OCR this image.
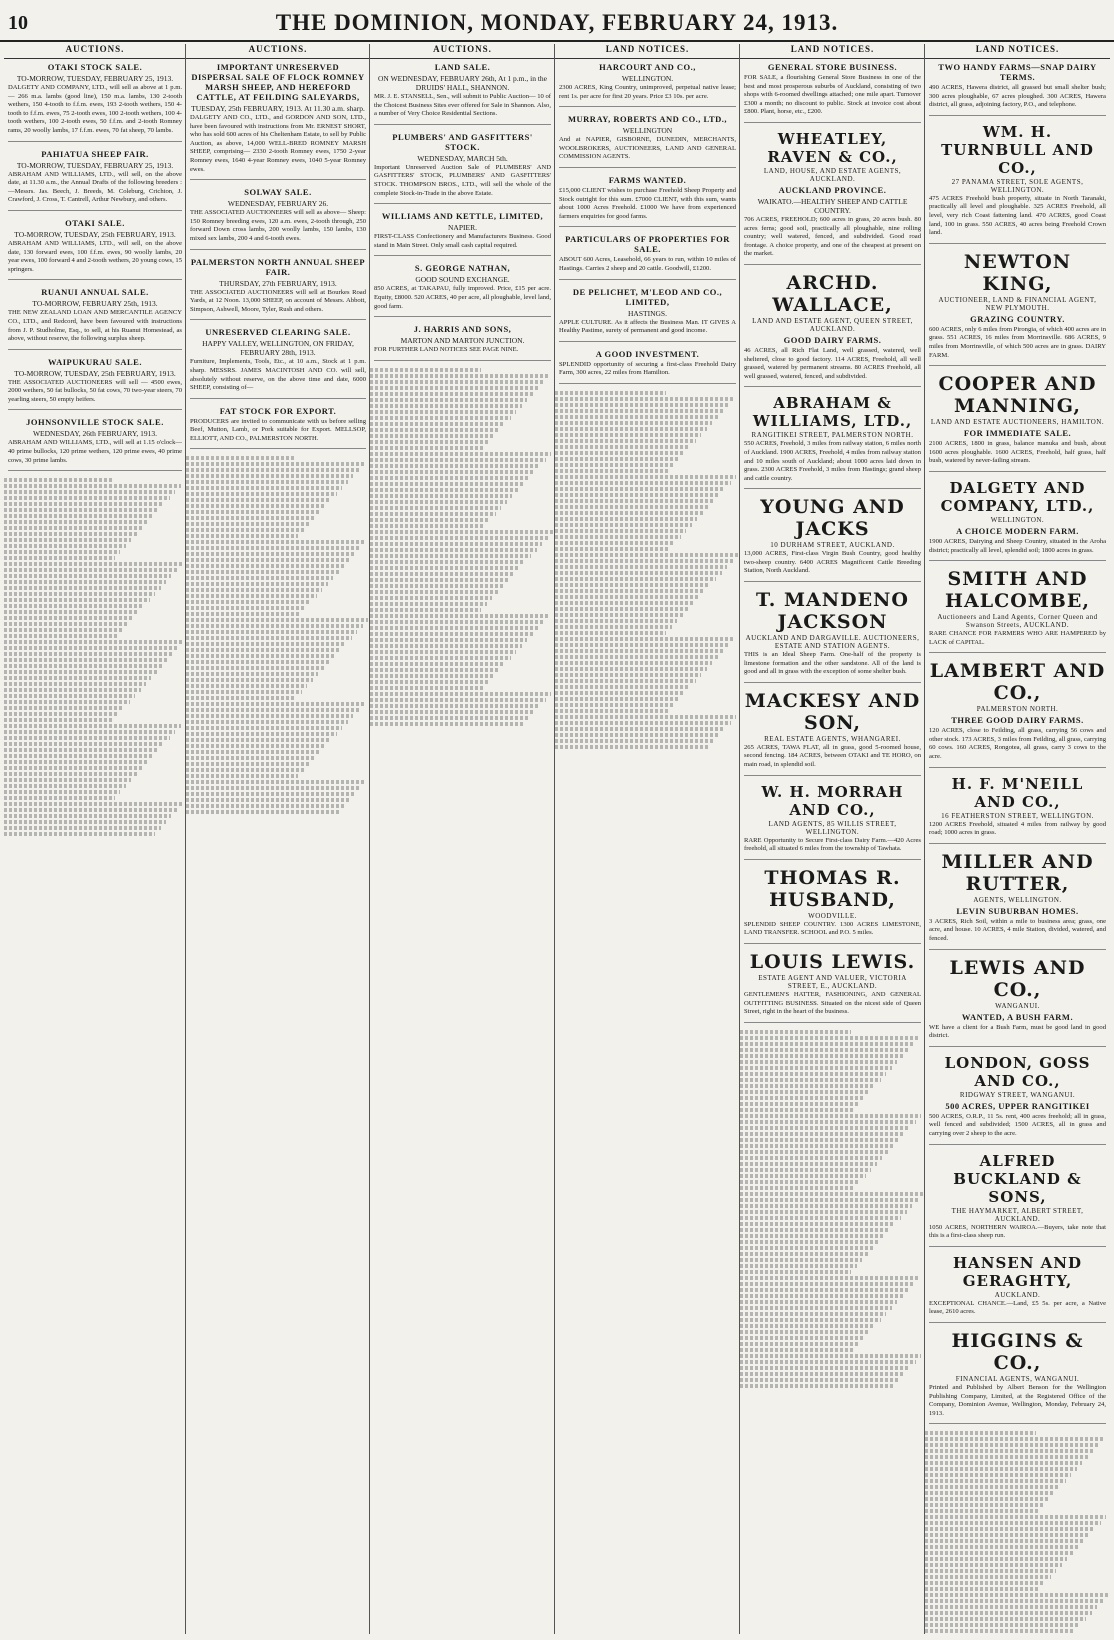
10	THE DOMINION, MONDAY, FEBRUARY 24, 1913.
AUCTIONS.
OTAKI STOCK SALE.
TO-MORROW, TUESDAY, FEBRUARY 25, 1913.
DALGETY AND COMPANY, LTD., will sell as above at 1 p.m.— 266 m.a. lambs (good line), 150 m.a. lambs, 130 2-tooth wethers, 150 4-tooth to f.f.m. ewes, 193 2-tooth wethers, 150 4-tooth to f.f.m. ewes, 75 2-tooth ewes, 100 2-tooth wethers, 100 4-tooth wethers, 100 2-tooth ewes, 50 f.f.m. and 2-tooth Romney rams, 20 woolly lambs, 17 f.f.m. ewes, 70 fat sheep, 70 lambs.
PAHIATUA SHEEP FAIR.
TO-MORROW, TUESDAY, FEBRUARY 25, 1913.
ABRAHAM AND WILLIAMS, LTD., will sell, on the above date, at 11.30 a.m., the Annual Drafts of the following breeders :—Messrs. Jas. Beech, J. Breeds, M. Coleburg, Crichton, J. Crawford, J. Cross, T. Cantrell, Arthur Newbury, and others.
OTAKI SALE.
TO-MORROW, TUESDAY, 25th FEBRUARY, 1913.
ABRAHAM AND WILLIAMS, LTD., will sell, on the above date, 130 forward ewes, 100 f.f.m. ewes, 90 woolly lambs, 20 year ewes, 100 forward 4 and 2-tooth wethers, 20 young cows, 15 springers.
RUANUI ANNUAL SALE.
TO-MORROW, FEBRUARY 25th, 1913.
THE NEW ZEALAND LOAN AND MERCANTILE AGENCY CO., LTD., and Redcord, have been favoured with instructions from J. P. Studholme, Esq., to sell, at his Ruanui Homestead, as above, without reserve, the following surplus sheep.
WAIPUKURAU SALE.
TO-MORROW, TUESDAY, 25th FEBRUARY, 1913.
THE ASSOCIATED AUCTIONEERS will sell — 4500 ewes, 2000 wethers, 50 fat bullocks, 50 fat cows, 70 two-year steers, 70 yearling steers, 50 empty heifers.
JOHNSONVILLE STOCK SALE.
WEDNESDAY, 26th FEBRUARY, 1913.
ABRAHAM AND WILLIAMS, LTD., will sell at 1.15 o'clock— 40 prime bullocks, 120 prime wethers, 120 prime ewes, 40 prime cows, 30 prime lambs.
AUCTIONS.
IMPORTANT UNRESERVED DISPERSAL SALE OF FLOCK ROMNEY MARSH SHEEP, AND HEREFORD CATTLE, AT FEILDING SALEYARDS,
TUESDAY, 25th FEBRUARY, 1913. At 11.30 a.m. sharp.
DALGETY AND CO., LTD., and GORDON AND SON, LTD., have been favoured with instructions from Mr. ERNEST SHORT, who has sold 600 acres of his Cheltenham Estate, to sell by Public Auction, as above, 14,000 WELL-BRED ROMNEY MARSH SHEEP, comprising— 2330 2-tooth Romney ewes, 1750 2-year Romney ewes, 1640 4-year Romney ewes, 1040 5-year Romney ewes.
SOLWAY SALE.
WEDNESDAY, FEBRUARY 26.
THE ASSOCIATED AUCTIONEERS will sell as above— Sheep: 150 Romney breeding ewes, 120 a.m. ewes, 2-tooth through, 250 forward Down cross lambs, 200 woolly lambs, 150 lambs, 130 mixed sex lambs, 200 4 and 6-tooth ewes.
PALMERSTON NORTH ANNUAL SHEEP FAIR.
THURSDAY, 27th FEBRUARY, 1913.
THE ASSOCIATED AUCTIONEERS will sell at Bourkes Road Yards, at 12 Noon. 13,000 SHEEP, on account of Messrs. Abbott, Simpson, Ashwell, Moore, Tyler, Rush and others.
UNRESERVED CLEARING SALE.
HAPPY VALLEY, WELLINGTON, ON FRIDAY, FEBRUARY 28th, 1913.
Furniture, Implements, Tools, Etc., at 10 a.m., Stock at 1 p.m. sharp. MESSRS. JAMES MACINTOSH AND CO. will sell, absolutely without reserve, on the above time and date, 6000 SHEEP, consisting of—
FAT STOCK FOR EXPORT.
PRODUCERS are invited to communicate with us before selling Beef, Mutton, Lamb, or Pork suitable for Export. MELLSOP, ELLIOTT, AND CO., PALMERSTON NORTH.
AUCTIONS.
LAND SALE.
ON WEDNESDAY, FEBRUARY 26th, At 1 p.m., in the DRUIDS' HALL, SHANNON.
MR. J. E. STANSELL, Sen., will submit to Public Auction— 10 of the Choicest Business Sites ever offered for Sale in Shannon. Also, a number of Very Choice Residential Sections.
PLUMBERS' AND GASFITTERS' STOCK.
WEDNESDAY, MARCH 5th.
Important Unreserved Auction Sale of PLUMBERS' AND GASFITTERS' STOCK, PLUMBERS' AND GASFITTERS' STOCK. THOMPSON BROS., LTD., will sell the whole of the complete Stock-in-Trade in the above Estate.
WILLIAMS AND KETTLE, LIMITED,
NAPIER.
FIRST-CLASS Confectionery and Manufacturers Business. Good stand in Main Street. Only small cash capital required.
S. GEORGE NATHAN,
GOOD SOUND EXCHANGE.
850 ACRES, at TAKAPAU, fully improved. Price, £15 per acre. Equity, £8000. 520 ACRES, 40 per acre, all ploughable, level land, good farm.
J. HARRIS AND SONS,
MARTON AND MARTON JUNCTION.
FOR FURTHER LAND NOTICES SEE PAGE NINE.
LAND NOTICES.
HARCOURT AND CO.,
WELLINGTON.
2300 ACRES, King Country, unimproved, perpetual native lease; rent 1s. per acre for first 20 years. Price £3 10s. per acre.
MURRAY, ROBERTS AND CO., LTD.,
WELLINGTON
And at NAPIER, GISBORNE, DUNEDIN, MERCHANTS, WOOLBROKERS, AUCTIONEERS, LAND AND GENERAL COMMISSION AGENTS.
FARMS WANTED.
£15,000 CLIENT wishes to purchase Freehold Sheep Property and Stock outright for this sum. £7000 CLIENT, with this sum, wants about 1000 Acres Freehold. £1000 We have from experienced farmers enquiries for good farms.
PARTICULARS OF PROPERTIES FOR SALE.
ABOUT 600 Acres, Leasehold, 66 years to run, within 10 miles of Hastings. Carries 2 sheep and 20 cattle. Goodwill, £1200.
DE PELICHET, M'LEOD AND CO., LIMITED,
HASTINGS.
APPLE CULTURE. As it affects the Business Man. IT GIVES A Healthy Pastime, surety of permanent and good income.
A GOOD INVESTMENT.
SPLENDID opportunity of securing a first-class Freehold Dairy Farm, 300 acres, 22 miles from Hamilton.
LAND NOTICES.
GENERAL STORE BUSINESS.
FOR SALE, a flourishing General Store Business in one of the best and most prosperous suburbs of Auckland, consisting of two shops with 6-roomed dwellings attached; one mile apart. Turnover £300 a month; no discount to public. Stock at invoice cost about £800. Plant, horse, etc., £200.
WHEATLEY, RAVEN & CO.,
LAND, HOUSE, AND ESTATE AGENTS, AUCKLAND.
AUCKLAND PROVINCE.
WAIKATO.—HEALTHY SHEEP AND CATTLE COUNTRY.
706 ACRES, FREEHOLD; 600 acres in grass, 20 acres bush. 80 acres ferns; good soil, practically all ploughable, nine rolling country; well watered, fenced, and subdivided. Good road frontage. A choice property, and one of the cheapest at present on the market.
ARCHD. WALLACE,
LAND AND ESTATE AGENT, QUEEN STREET, AUCKLAND.
GOOD DAIRY FARMS.
46 ACRES, all Rich Flat Land, well grassed, watered, well sheltered, close to good factory. 114 ACRES, Freehold, all well grassed, watered by permanent streams. 80 ACRES Freehold, all well grassed, watered, fenced, and subdivided.
ABRAHAM & WILLIAMS, LTD.,
RANGITIKEI STREET, PALMERSTON NORTH.
550 ACRES, Freehold, 3 miles from railway station, 6 miles north of Auckland. 1900 ACRES, Freehold, 4 miles from railway station and 10 miles south of Auckland; about 1000 acres laid down in grass. 2300 ACRES Freehold, 3 miles from Hastings; grand sheep and cattle country.
YOUNG AND JACKS
10 DURHAM STREET, AUCKLAND.
13,000 ACRES, First-class Virgin Bush Country, good healthy two-sheep country. 6400 ACRES Magnificent Cattle Breeding Station, North Auckland.
T. MANDENO JACKSON
AUCKLAND AND DARGAVILLE. AUCTIONEERS, ESTATE AND STATION AGENTS.
THIS is an Ideal Sheep Farm. One-half of the property is limestone formation and the other sandstone. All of the land is good and all in grass with the exception of some shelter bush.
MACKESY AND SON,
REAL ESTATE AGENTS, WHANGAREI.
265 ACRES, TAWA FLAT, all in grass, good 5-roomed house, second fencing. 184 ACRES, between OTAKI and TE HORO, on main road, in splendid soil.
W. H. MORRAH AND CO.,
LAND AGENTS, 85 WILLIS STREET, WELLINGTON.
RARE Opportunity to Secure First-class Dairy Farm.—420 Acres freehold, all situated 6 miles from the township of Tawhata.
THOMAS R. HUSBAND,
WOODVILLE.
SPLENDID SHEEP COUNTRY. 1300 ACRES LIMESTONE, LAND TRANSFER. SCHOOL and P.O. 5 miles.
LOUIS LEWIS.
ESTATE AGENT AND VALUER, VICTORIA STREET, E., AUCKLAND.
GENTLEMEN'S HATTER, FASHIONING, AND GENERAL OUTFITTING BUSINESS. Situated on the nicest side of Queen Street, right in the heart of the business.
LAND NOTICES.
TWO HANDY FARMS—SNAP DAIRY TERMS.
490 ACRES, Hawera district, all grassed but small shelter bush; 300 acres ploughable, 67 acres ploughed. 300 ACRES, Hawera district, all grass, adjoining factory, P.O., and telephone.
WM. H. TURNBULL AND CO.,
27 PANAMA STREET, SOLE AGENTS, WELLINGTON.
475 ACRES Freehold bush property, situate in North Taranaki, practically all level and ploughable. 325 ACRES Freehold, all level, very rich Coast fattening land. 470 ACRES, good Coast land, 100 in grass. 550 ACRES, 40 acres being Freehold Crown land.
NEWTON KING,
AUCTIONEER, LAND & FINANCIAL AGENT, NEW PLYMOUTH.
GRAZING COUNTRY.
600 ACRES, only 6 miles from Pirongia, of which 400 acres are in grass. 551 ACRES, 16 miles from Morrinsville. 686 ACRES, 9 miles from Morrinsville, of which 500 acres are in grass. DAIRY FARM.
COOPER AND MANNING,
LAND AND ESTATE AUCTIONEERS, HAMILTON.
FOR IMMEDIATE SALE.
2100 ACRES, 1800 in grass, balance manuka and bush, about 1600 acres ploughable. 1600 ACRES, Freehold, half grass, half bush, watered by never-failing stream.
DALGETY AND COMPANY, LTD.,
WELLINGTON.
A CHOICE MODERN FARM.
1900 ACRES, Dairying and Sheep Country, situated in the Aroha district; practically all level, splendid soil; 1800 acres in grass.
SMITH AND HALCOMBE,
Auctioneers and Land Agents, Corner Queen and Swanson Streets, AUCKLAND.
RARE CHANCE FOR FARMERS WHO ARE HAMPERED by LACK of CAPITAL.
LAMBERT AND CO.,
PALMERSTON NORTH.
THREE GOOD DAIRY FARMS.
120 ACRES, close to Feilding, all grass, carrying 56 cows and other stock. 173 ACRES, 3 miles from Feilding, all grass, carrying 60 cows. 160 ACRES, Rongotea, all grass, carry 3 cows to the acre.
H. F. M'NEILL AND CO.,
16 FEATHERSTON STREET, WELLINGTON.
1200 ACRES Freehold, situated 4 miles from railway by good road; 1000 acres in grass.
MILLER AND RUTTER,
AGENTS, WELLINGTON.
LEVIN SUBURBAN HOMES.
3 ACRES, Rich Soil, within a mile to business area; grass, one acre, and house. 10 ACRES, 4 mile Station, divided, watered, and fenced.
LEWIS AND CO.,
WANGANUI.
WANTED, A BUSH FARM.
WE have a client for a Bush Farm, must be good land in good district.
LONDON, GOSS AND CO.,
RIDGWAY STREET, WANGANUI.
500 ACRES, UPPER RANGITIKEI
500 ACRES, O.R.P., 11 5s. rent, 400 acres freehold; all in grass, well fenced and subdivided; 1500 ACRES, all in grass and carrying over 2 sheep to the acre.
ALFRED BUCKLAND & SONS,
THE HAYMARKET, ALBERT STREET, AUCKLAND.
1050 ACRES, NORTHERN WAIROA.—Buyers, take note that this is a first-class sheep run.
HANSEN AND GERAGHTY,
AUCKLAND.
EXCEPTIONAL CHANCE.—Land, £5 5s. per acre, a Native lease, 2610 acres.
HIGGINS & CO.,
FINANCIAL AGENTS, WANGANUI.
Printed and Published by Albert Benson for the Wellington Publishing Company, Limited, at the Registered Office of the Company, Dominion Avenue, Wellington, Monday, February 24, 1913.
